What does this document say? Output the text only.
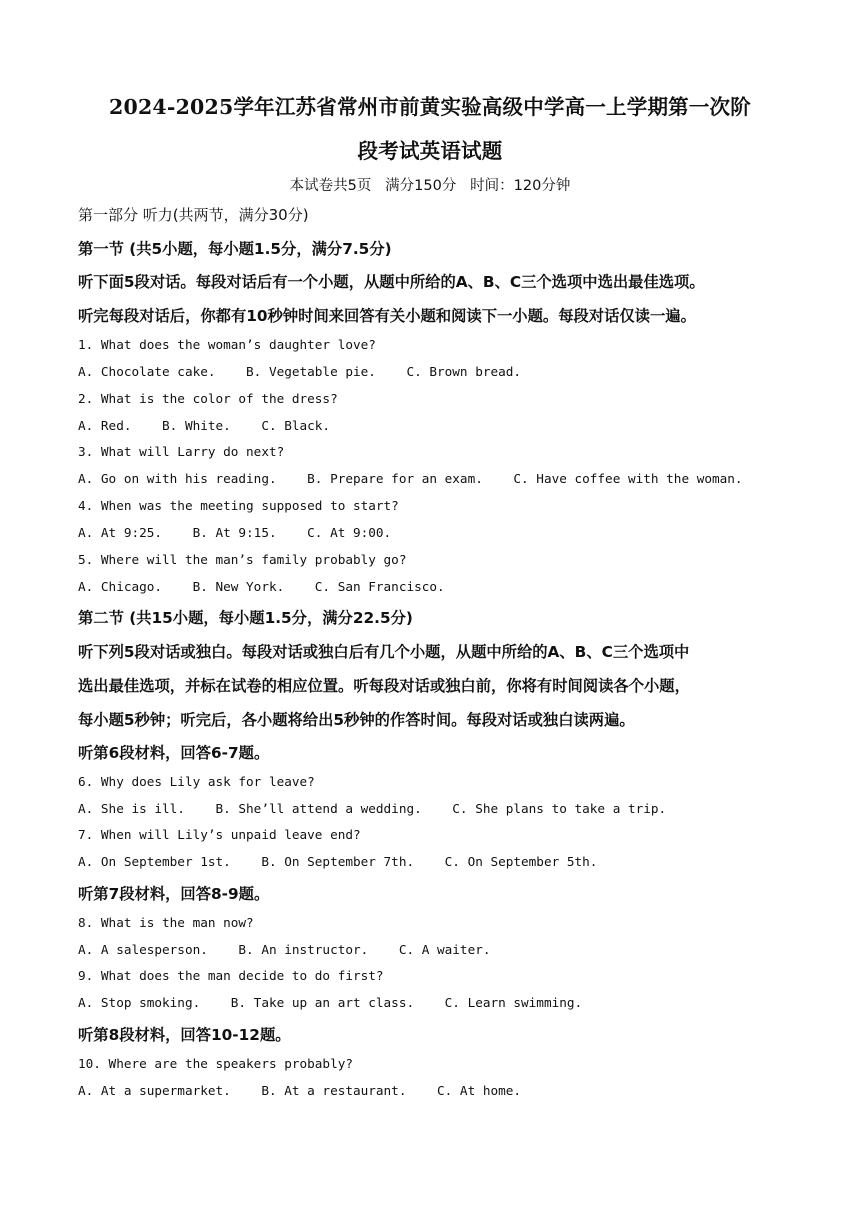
2024-2025学年江苏省常州市前黄实验高级中学高一上学期第一次阶
段考试英语试题
本试卷共5页   满分150分   时间：120分钟
第一部分 听力(共两节，满分30分)
第一节 (共5小题，每小题1.5分，满分7.5分)
听下面5段对话。每段对话后有一个小题，从题中所给的A、B、C三个选项中选出最佳选项。
听完每段对话后，你都有10秒钟时间来回答有关小题和阅读下一小题。每段对话仅读一遍。
1. What does the woman’s daughter love?
A. Chocolate cake.    B. Vegetable pie.    C. Brown bread.
2. What is the color of the dress?
A. Red.    B. White.    C. Black.
3. What will Larry do next?
A. Go on with his reading.    B. Prepare for an exam.    C. Have coffee with the woman.
4. When was the meeting supposed to start?
A. At 9:25.    B. At 9:15.    C. At 9:00.
5. Where will the man’s family probably go?
A. Chicago.    B. New York.    C. San Francisco.
第二节 (共15小题，每小题1.5分，满分22.5分)
听下列5段对话或独白。每段对话或独白后有几个小题，从题中所给的A、B、C三个选项中
选出最佳选项，并标在试卷的相应位置。听每段对话或独白前，你将有时间阅读各个小题，
每小题5秒钟；听完后，各小题将给出5秒钟的作答时间。每段对话或独白读两遍。
听第6段材料，回答6-7题。
6. Why does Lily ask for leave?
A. She is ill.    B. She’ll attend a wedding.    C. She plans to take a trip.
7. When will Lily’s unpaid leave end?
A. On September 1st.    B. On September 7th.    C. On September 5th.
听第7段材料，回答8-9题。
8. What is the man now?
A. A salesperson.    B. An instructor.    C. A waiter.
9. What does the man decide to do first?
A. Stop smoking.    B. Take up an art class.    C. Learn swimming.
听第8段材料，回答10-12题。
10. Where are the speakers probably?
A. At a supermarket.    B. At a restaurant.    C. At home.
